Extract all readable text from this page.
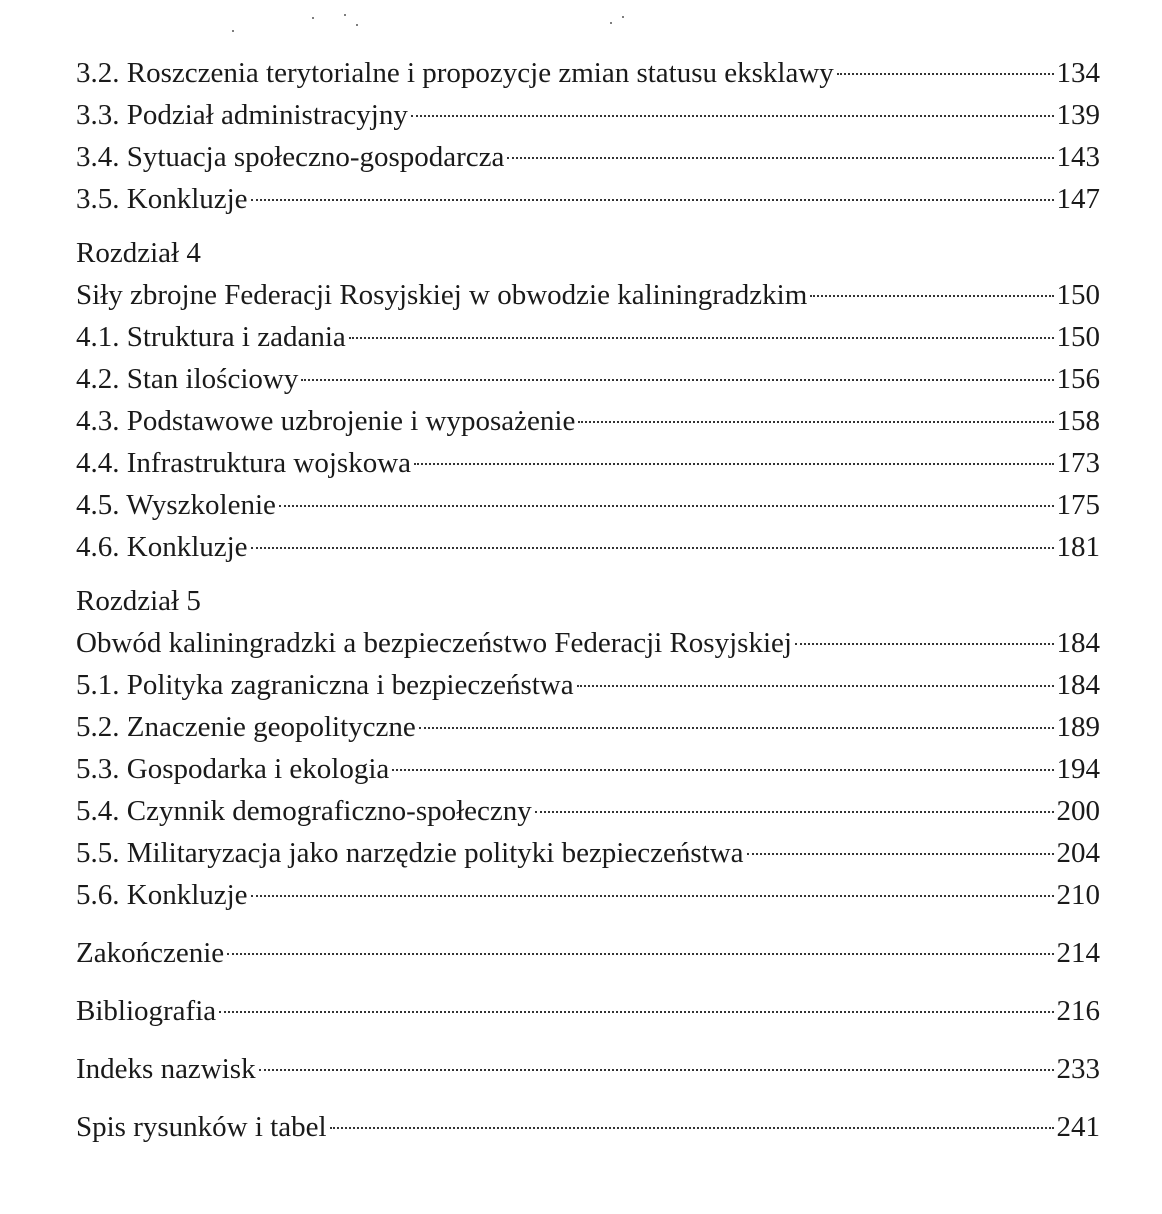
3.2. Roszczenia terytorialne i propozycje zmian statusu eksklawy	134
3.3. Podział administracyjny	139
3.4. Sytuacja społeczno-gospodarcza	143
3.5. Konkluzje	147
Rozdział 4
Siły zbrojne Federacji Rosyjskiej w obwodzie kaliningradzkim	150
4.1. Struktura i zadania	150
4.2. Stan ilościowy	156
4.3. Podstawowe uzbrojenie i wyposażenie	158
4.4. Infrastruktura wojskowa	173
4.5. Wyszkolenie	175
4.6. Konkluzje	181
Rozdział 5
Obwód kaliningradzki a bezpieczeństwo Federacji Rosyjskiej	184
5.1. Polityka zagraniczna i bezpieczeństwa	184
5.2. Znaczenie geopolityczne	189
5.3. Gospodarka i ekologia	194
5.4. Czynnik demograficzno-społeczny	200
5.5. Militaryzacja jako narzędzie polityki bezpieczeństwa	204
5.6. Konkluzje	210
Zakończenie	214
Bibliografia	216
Indeks nazwisk	233
Spis rysunków i tabel	241
